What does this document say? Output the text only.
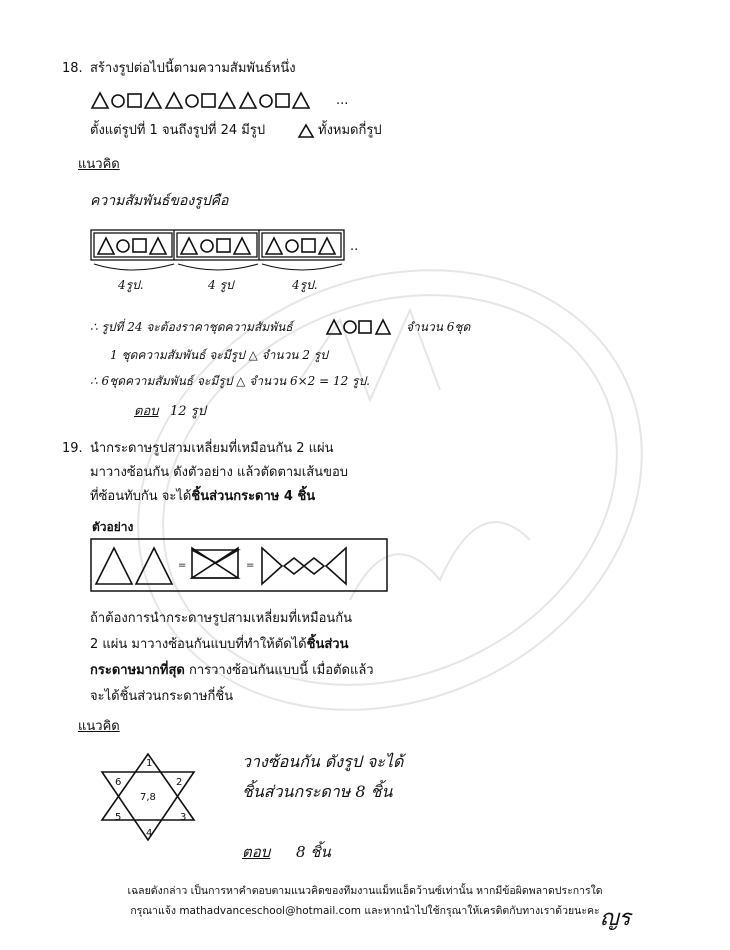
18. สร้างรูปต่อไปนี้ตามความสัมพันธ์หนึ่ง
...
ตั้งแต่รูปที่ 1 จนถึงรูปที่ 24 มีรูป	ทั้งหมดกี่รูป
แนวคิด
ความสัมพันธ์ของรูปคือ
..
4รูป.	4 รูป	4รูป.
∴ รูปที่ 24 จะต้องราคาชุดความสัมพันธ์	จำนวน 6ชุด
1 ชุดความสัมพันธ์ จะมีรูป △ จำนวน 2 รูป
∴ 6ชุดความสัมพันธ์ จะมีรูป △ จำนวน 6×2 = 12 รูป.
ตอบ 12 รูป
19. นำกระดาษรูปสามเหลี่ยมที่เหมือนกัน 2 แผ่น
มาวางซ้อนกัน ดังตัวอย่าง แล้วตัดตามเส้นขอบ
ที่ซ้อนทับกัน จะได้ชิ้นส่วนกระดาษ 4 ชิ้น
ตัวอย่าง
=	=
ถ้าต้องการนำกระดาษรูปสามเหลี่ยมที่เหมือนกัน
2 แผ่น มาวางซ้อนกันแบบที่ทำให้ตัดได้ชิ้นส่วน
กระดาษมากที่สุด การวางซ้อนกันแบบนี้ เมื่อตัดแล้ว
จะได้ชิ้นส่วนกระดาษกี่ชิ้น
แนวคิด
1
2
3
4
5
6
7,8
วางซ้อนกัน ดังรูป จะได้
ชิ้นส่วนกระดาษ 8 ชิ้น
ตอบ 8 ชิ้น
เฉลยดังกล่าว เป็นการหาคำตอบตามแนวคิดของทีมงานแม็ทแอ็ดว้านซ์เท่านั้น หากมีข้อผิดพลาดประการใด
กรุณาแจ้ง mathadvanceschool@hotmail.com และหากนำไปใช้กรุณาให้เครดิตกับทางเราด้วยนะคะ ญร
